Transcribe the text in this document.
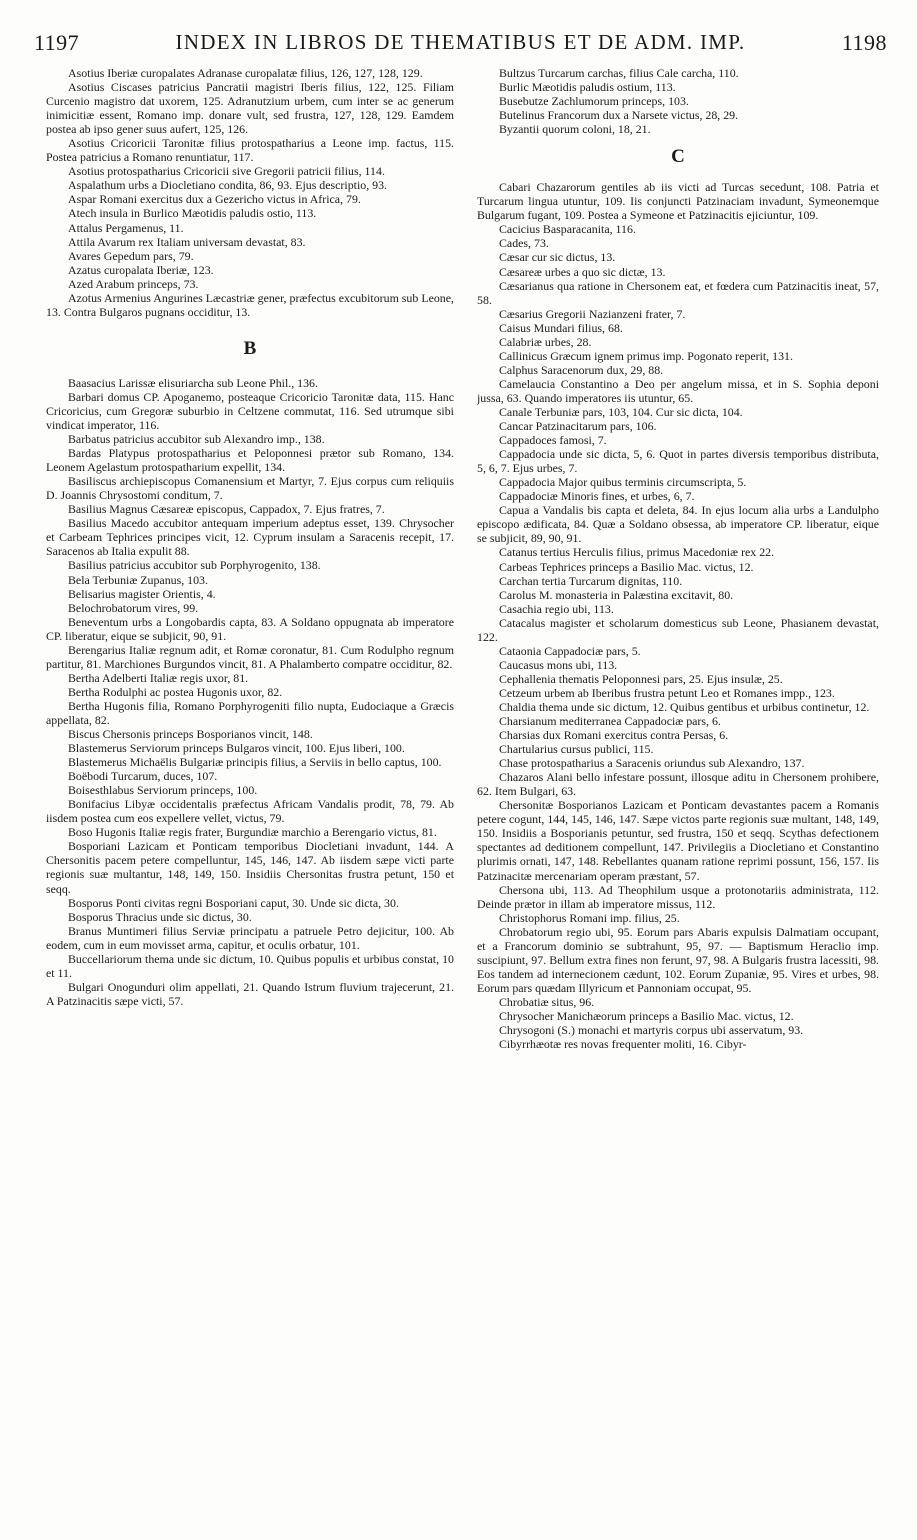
1197	INDEX IN LIBROS DE THEMATIBUS ET DE ADM. IMP.	1198

Asotius Iberiæ curopalates Adranase curopalatæ filius, 126, 127, 128, 129.

Asotius Ciscases patricius Pancratii magistri Iberis filius, 122, 125. Filiam Curcenio magistro dat uxorem, 125. Adranutzium urbem, cum inter se ac generum inimicitiæ essent, Romano imp. donare vult, sed frustra, 127, 128, 129. Eamdem postea ab ipso gener suus aufert, 125, 126.

Asotius Cricoricii Taronitæ filius protospatharius a Leone imp. factus, 115. Postea patricius a Romano renuntiatur, 117.

Asotius protospatharius Cricoricii sive Gregorii patricii filius, 114.

Aspalathum urbs a Diocletiano condita, 86, 93. Ejus descriptio, 93.

Aspar Romani exercitus dux a Gezericho victus in Africa, 79.

Atech insula in Burlico Mæotidis paludis ostio, 113.

Attalus Pergamenus, 11.

Attila Avarum rex Italiam universam devastat, 83.

Avares Gepedum pars, 79.

Azatus curopalata Iberiæ, 123.

Azed Arabum princeps, 73.

Azotus Armenius Angurines Læcastriæ gener, præfectus excubitorum sub Leone, 13. Contra Bulgaros pugnans occiditur, 13.

B

Baasacius Larissæ elisuriarcha sub Leone Phil., 136.

Barbari domus CP. Apoganemo, posteaque Cricoricio Taronitæ data, 115. Hanc Cricoricius, cum Gregoræ suburbio in Celtzene commutat, 116. Sed utrumque sibi vindicat imperator, 116.

Barbatus patricius accubitor sub Alexandro imp., 138.

Bardas Platypus protospatharius et Peloponnesi prætor sub Romano, 134. Leonem Agelastum protospatharium expellit, 134.

Basiliscus archiepiscopus Comanensium et Martyr, 7. Ejus corpus cum reliquiis D. Joannis Chrysostomi conditum, 7.

Basilius Magnus Cæsareæ episcopus, Cappadox, 7. Ejus fratres, 7.

Basilius Macedo accubitor antequam imperium adeptus esset, 139. Chrysocher et Carbeam Tephrices principes vicit, 12. Cyprum insulam a Saracenis recepit, 17. Saracenos ab Italia expulit 88.

Basilius patricius accubitor sub Porphyrogenito, 138.

Bela Terbuniæ Zupanus, 103.

Belisarius magister Orientis, 4.

Belochrobatorum vires, 99.

Beneventum urbs a Longobardis capta, 83. A Soldano oppugnata ab imperatore CP. liberatur, eique se subjicit, 90, 91.

Berengarius Italiæ regnum adit, et Romæ coronatur, 81. Cum Rodulpho regnum partitur, 81. Marchiones Burgundos vincit, 81. A Phalamberto compatre occiditur, 82.

Bertha Adelberti Italiæ regis uxor, 81.

Bertha Rodulphi ac postea Hugonis uxor, 82.

Bertha Hugonis filia, Romano Porphyrogeniti filio nupta, Eudociaque a Græcis appellata, 82.

Biscus Chersonis princeps Bosporianos vincit, 148.

Blastemerus Serviorum princeps Bulgaros vincit, 100. Ejus liberi, 100.

Blastemerus Michaëlis Bulgariæ principis filius, a Serviis in bello captus, 100.

Boëbodi Turcarum, duces, 107.

Boisesthlabus Serviorum princeps, 100.

Bonifacius Libyæ occidentalis præfectus Africam Vandalis prodit, 78, 79. Ab iisdem postea cum eos expellere vellet, victus, 79.

Boso Hugonis Italiæ regis frater, Burgundiæ marchio a Berengario victus, 81.

Bosporiani Lazicam et Ponticam temporibus Diocletiani invadunt, 144. A Chersonitis pacem petere compelluntur, 145, 146, 147. Ab iisdem sæpe victi parte regionis suæ multantur, 148, 149, 150. Insidiis Chersonitas frustra petunt, 150 et seqq.

Bosporus Ponti civitas regni Bosporiani caput, 30. Unde sic dicta, 30.

Bosporus Thracius unde sic dictus, 30.

Branus Muntimeri filius Serviæ principatu a patruele Petro dejicitur, 100. Ab eodem, cum in eum movisset arma, capitur, et oculis orbatur, 101.

Buccellariorum thema unde sic dictum, 10. Quibus populis et urbibus constat, 10 et 11.

Bulgari Onogunduri olim appellati, 21. Quando Istrum fluvium trajecerunt, 21. A Patzinacitis sæpe victi, 57.

Bultzus Turcarum carchas, filius Cale carcha, 110.

Burlic Mæotidis paludis ostium, 113.

Busebutze Zachlumorum princeps, 103.

Butelinus Francorum dux a Narsete victus, 28, 29.

Byzantii quorum coloni, 18, 21.

C

Cabari Chazarorum gentiles ab iis victi ad Turcas secedunt, 108. Patria et Turcarum lingua utuntur, 109. Iis conjuncti Patzinaciam invadunt, Symeonemque Bulgarum fugant, 109. Postea a Symeone et Patzinacitis ejiciuntur, 109.

Cacicius Basparacanita, 116.

Cades, 73.

Cæsar cur sic dictus, 13.

Cæsareæ urbes a quo sic dictæ, 13.

Cæsarianus qua ratione in Chersonem eat, et fœdera cum Patzinacitis ineat, 57, 58.

Cæsarius Gregorii Nazianzeni frater, 7.

Caisus Mundari filius, 68.

Calabriæ urbes, 28.

Callinicus Græcum ignem primus imp. Pogonato reperit, 131.

Calphus Saracenorum dux, 29, 88.

Camelaucia Constantino a Deo per angelum missa, et in S. Sophia deponi jussa, 63. Quando imperatores iis utuntur, 65.

Canale Terbuniæ pars, 103, 104. Cur sic dicta, 104.

Cancar Patzinacitarum pars, 106.

Cappadoces famosi, 7.

Cappadocia unde sic dicta, 5, 6. Quot in partes diversis temporibus distributa, 5, 6, 7. Ejus urbes, 7.

Cappadocia Major quibus terminis circumscripta, 5.

Cappadociæ Minoris fines, et urbes, 6, 7.

Capua a Vandalis bis capta et deleta, 84. In ejus locum alia urbs a Landulpho episcopo ædificata, 84. Quæ a Soldano obsessa, ab imperatore CP. liberatur, eique se subjicit, 89, 90, 91.

Catanus tertius Herculis filius, primus Macedoniæ rex 22.

Carbeas Tephrices princeps a Basilio Mac. victus, 12.

Carchan tertia Turcarum dignitas, 110.

Carolus M. monasteria in Palæstina excitavit, 80.

Casachia regio ubi, 113.

Catacalus magister et scholarum domesticus sub Leone, Phasianem devastat, 122.

Cataonia Cappadociæ pars, 5.

Caucasus mons ubi, 113.

Cephallenia thematis Peloponnesi pars, 25. Ejus insulæ, 25.

Cetzeum urbem ab Iberibus frustra petunt Leo et Romanes impp., 123.

Chaldia thema unde sic dictum, 12. Quibus gentibus et urbibus continetur, 12.

Charsianum mediterranea Cappadociæ pars, 6.

Charsias dux Romani exercitus contra Persas, 6.

Chartularius cursus publici, 115.

Chase protospatharius a Saracenis oriundus sub Alexandro, 137.

Chazaros Alani bello infestare possunt, illosque aditu in Chersonem prohibere, 62. Item Bulgari, 63.

Chersonitæ Bosporianos Lazicam et Ponticam devastantes pacem a Romanis petere cogunt, 144, 145, 146, 147. Sæpe victos parte regionis suæ multant, 148, 149, 150. Insidiis a Bosporianis petuntur, sed frustra, 150 et seqq. Scythas defectionem spectantes ad deditionem compellunt, 147. Privilegiis a Diocletiano et Constantino plurimis ornati, 147, 148. Rebellantes quanam ratione reprimi possunt, 156, 157. Iis Patzinacitæ mercenariam operam præstant, 57.

Chersona ubi, 113. Ad Theophilum usque a protonotariis administrata, 112. Deinde prætor in illam ab imperatore missus, 112.

Christophorus Romani imp. filius, 25.

Chrobatorum regio ubi, 95. Eorum pars Abaris expulsis Dalmatiam occupant, et a Francorum dominio se subtrahunt, 95, 97. — Baptismum Heraclio imp. suscipiunt, 97. Bellum extra fines non ferunt, 97, 98. A Bulgaris frustra lacessiti, 98. Eos tandem ad internecionem cædunt, 102. Eorum Zupaniæ, 95. Vires et urbes, 98. Eorum pars quædam Illyricum et Pannoniam occupat, 95.

Chrobatiæ situs, 96.

Chrysocher Manichæorum princeps a Basilio Mac. victus, 12.

Chrysogoni (S.) monachi et martyris corpus ubi asservatum, 93.

Cibyrrhæotæ res novas frequenter moliti, 16. Cibyr-
